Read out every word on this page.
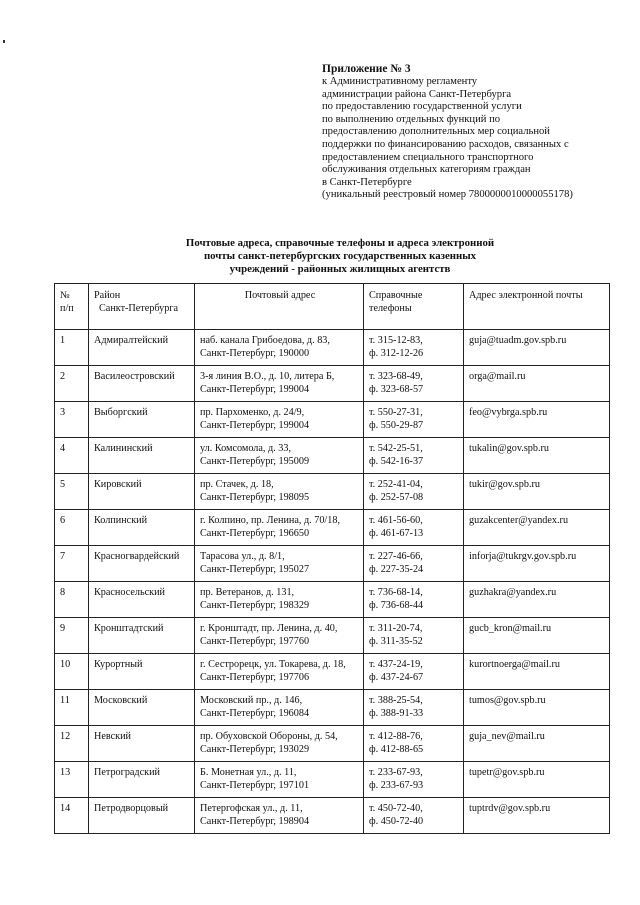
Приложение № 3
к Административному регламенту
администрации района Санкт-Петербурга
по предоставлению государственной услуги
по выполнению отдельных функций по
предоставлению дополнительных мер социальной
поддержки по финансированию расходов, связанных с
предоставлением специального транспортного
обслуживания отдельных категориям граждан
в Санкт-Петербурге
(уникальный реестровый номер 7800000010000055178)
Почтовые адреса, справочные телефоны и адреса электронной
почты санкт-петербургских государственных казенных
учреждений - районных жилищных агентств
№
п/п	Район
Санкт-Петербурга	Почтовый адрес	Справочные
телефоны	Адрес электронной почты

1	Адмиралтейский	наб. канала Грибоедова, д. 83,
Санкт-Петербург, 190000	т. 315-12-83,
ф. 312-12-26	guja@tuadm.gov.spb.ru

2	Василеостровский	3-я линия В.О., д. 10, литера Б,
Санкт-Петербург, 199004	т. 323-68-49,
ф. 323-68-57	orga@mail.ru

3	Выборгский	пр. Пархоменко, д. 24/9,
Санкт-Петербург, 199004	т. 550-27-31,
ф. 550-29-87	feo@vybrga.spb.ru

4	Калининский	ул. Комсомола, д. 33,
Санкт-Петербург, 195009	т. 542-25-51,
ф. 542-16-37	tukalin@gov.spb.ru

5	Кировский	пр. Стачек, д. 18,
Санкт-Петербург, 198095	т. 252-41-04,
ф. 252-57-08	tukir@gov.spb.ru

6	Колпинский	г. Колпино, пр. Ленина, д. 70/18,
Санкт-Петербург, 196650	т. 461-56-60,
ф. 461-67-13	guzakcenter@yandex.ru

7	Красногвардейский	Тарасова ул., д. 8/1,
Санкт-Петербург, 195027	т. 227-46-66,
ф. 227-35-24	inforja@tukrgv.gov.spb.ru

8	Красносельский	пр. Ветеранов, д. 131,
Санкт-Петербург, 198329	т. 736-68-14,
ф. 736-68-44	guzhakra@yandex.ru

9	Кронштадтский	г. Кронштадт, пр. Ленина, д. 40,
Санкт-Петербург, 197760	т. 311-20-74,
ф. 311-35-52	gucb_kron@mail.ru

10	Курортный	г. Сестрорецк, ул. Токарева, д. 18,
Санкт-Петербург, 197706	т. 437-24-19,
ф. 437-24-67	kurortnoerga@mail.ru

11	Московский	Московский пр., д. 146,
Санкт-Петербург, 196084	т. 388-25-54,
ф. 388-91-33	tumos@gov.spb.ru

12	Невский	пр. Обуховской Обороны, д. 54,
Санкт-Петербург, 193029	т. 412-88-76,
ф. 412-88-65	guja_nev@mail.ru

13	Петроградский	Б. Монетная ул., д. 11,
Санкт-Петербург, 197101	т. 233-67-93,
ф. 233-67-93	tupetr@gov.spb.ru

14	Петродворцовый	Петергофская ул., д. 11,
Санкт-Петербург, 198904	т. 450-72-40,
ф. 450-72-40	tuptrdv@gov.spb.ru
